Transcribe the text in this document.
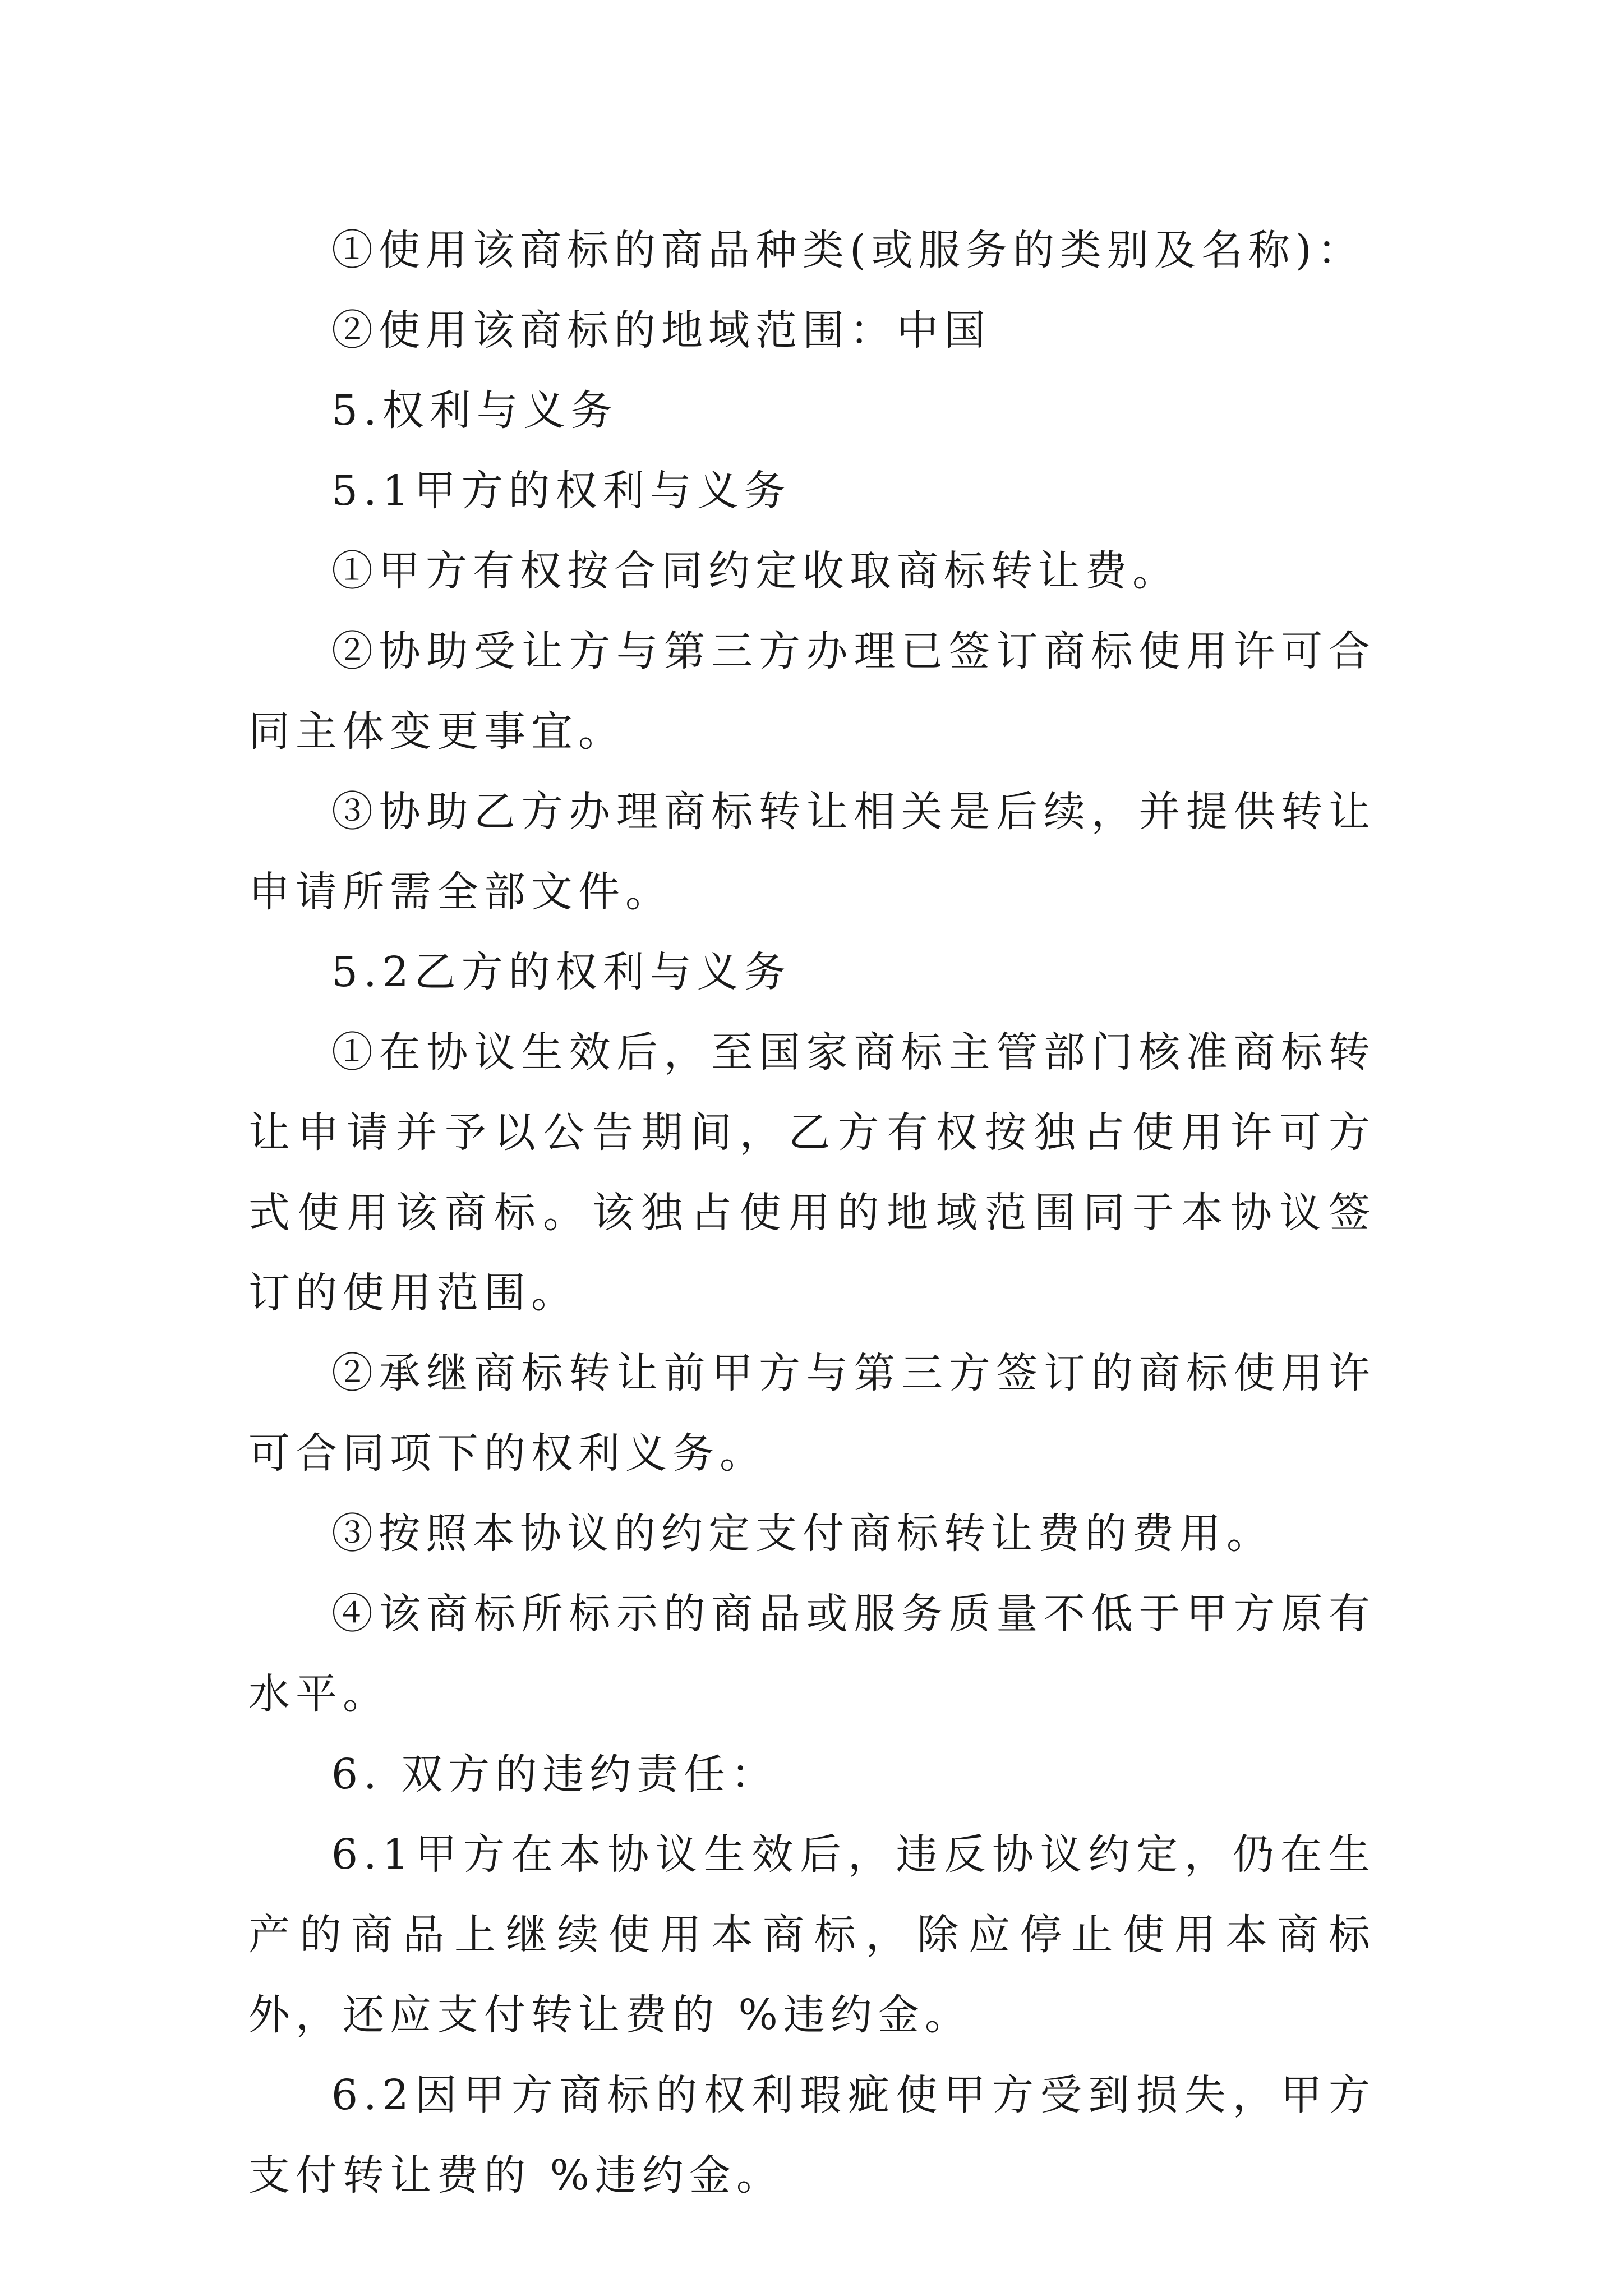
①使用该商标的商品种类(或服务的类别及名称)：

②使用该商标的地域范围：中国

5.权利与义务

5.1甲方的权利与义务

①甲方有权按合同约定收取商标转让费。

②协助受让方与第三方办理已签订商标使用许可合同主体变更事宜。

③协助乙方办理商标转让相关是后续，并提供转让申请所需全部文件。

5.2乙方的权利与义务

①在协议生效后，至国家商标主管部门核准商标转让申请并予以公告期间，乙方有权按独占使用许可方式使用该商标。该独占使用的地域范围同于本协议签订的使用范围。

②承继商标转让前甲方与第三方签订的商标使用许可合同项下的权利义务。

③按照本协议的约定支付商标转让费的费用。

④该商标所标示的商品或服务质量不低于甲方原有水平。

6. 双方的违约责任：

6.1甲方在本协议生效后，违反协议约定，仍在生产的商品上继续使用本商标，除应停止使用本商标外，还应支付转让费的 %违约金。

6.2因甲方商标的权利瑕疵使甲方受到损失，甲方支付转让费的 %违约金。
